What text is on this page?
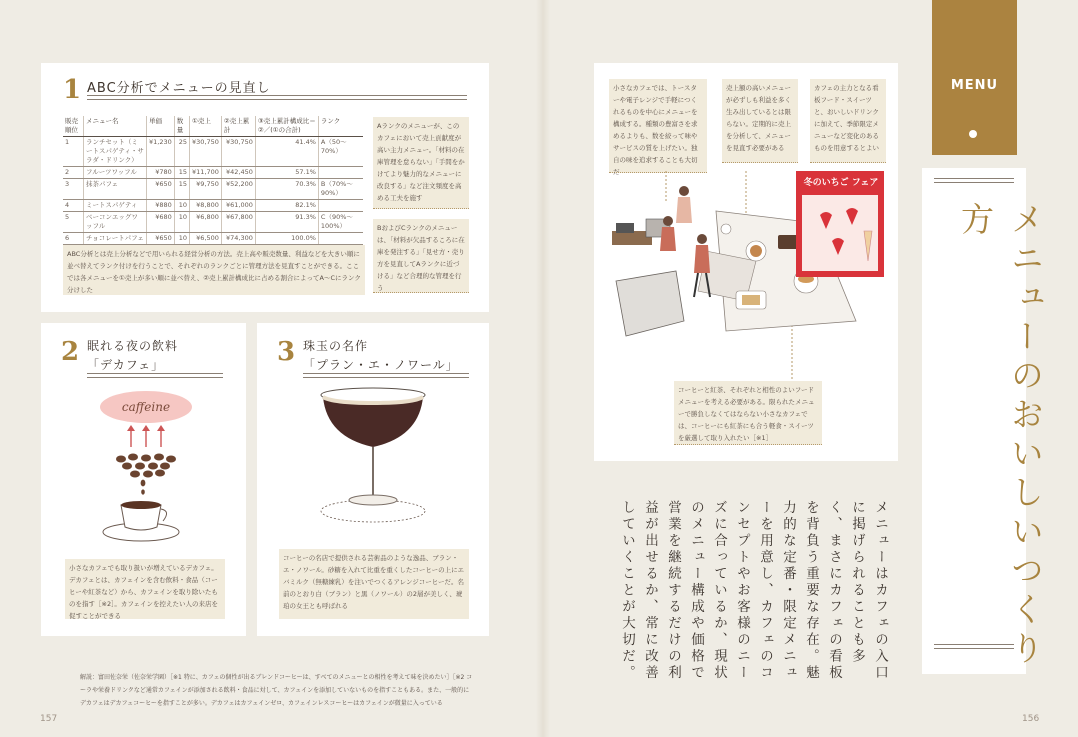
1 ABC分析でメニューの見直し
販売順位	メニュー名	単価	数量	①売上	②売上累計	③売上累計構成比＝②／(①の合計)	ランク
1	ランチセット（ミートスパゲティ・サラダ・ドリンク）	¥1,230	25	¥30,750	¥30,750	41.4%	A（50〜70%）
2	フルーツワッフル	¥780	15	¥11,700	¥42,450	57.1%	
3	抹茶パフェ	¥650	15	¥9,750	¥52,200	70.3%	B（70%〜90%）
4	ミートスパゲティ	¥880	10	¥8,800	¥61,000	82.1%	
5	ベーコンエッグワッフル	¥680	10	¥6,800	¥67,800	91.3%	C（90%〜100%）
6	チョコレートパフェ	¥650	10	¥6,500	¥74,300	100.0%	
Aランクのメニューが、このカフェにおいて売上貢献度が高い主力メニュー。「材料の在庫管理を怠らない」「手間をかけてより魅力的なメニューに改良する」など注文頻度を高める工夫を施す
BおよびCランクのメニューは、「材料が欠品するころに在庫を発注する」「見せ方・売り方を見直してAランクに近づける」など合理的な管理を行う
ABC分析とは売上分析などで用いられる経営分析の方法。売上高や販売数量、利益などを大きい順に並べ替えてランク付けを行うことで、それぞれのランクごとに管理方法を見直すことができる。ここでは各メニューを①売上が多い順に並べ替え、②売上累計構成比に占める割合によってA〜Cにランク分けした
2 眠れる夜の飲料
「デカフェ」
caffeine
小さなカフェでも取り扱いが増えているデカフェ。デカフェとは、カフェインを含む飲料・食品（コーヒーや紅茶など）から、カフェインを取り除いたものを指す［※2］。カフェインを控えたい人の来店を促すことができる
3 珠玉の名作
「プラン・エ・ノワール」
コーヒーの名店で提供される芸術品のような逸品、ブラン・エ・ノワール。砂糖を入れて比重を重くしたコーヒーの上にエバミルク（無糖練乳）を注いでつくるアレンジコーヒーだ。名前のとおり白（ブラン）と黒（ノワール）の2層が美しく、琥珀の女王とも呼ばれる
解説：富田佐奈栄（佐奈栄学園）［※1 特に、カフェの個性が出るブレンドコーヒーは、すべてのメニューとの相性を考えて味を決めたい］［※2 コーラや栄養ドリンクなど通常カフェインが添加される飲料・食品に対して、カフェインを添加していないものを指すこともある。また、一般的にデカフェはデカフェコーヒーを指すことが多い。デカフェはカフェインゼロ、カフェインレスコーヒーはカフェインが微量に入っている
157
小さなカフェでは、トースターや電子レンジで手軽につくれるものを中心にメニューを構成する。種類の豊富さを求めるよりも、数を絞って味やサービスの質を上げたい。独自の味を追求することも大切だ
売上額の高いメニューが必ずしも利益を多く生み出しているとは限らない。定期的に売上を分析して、メニューを見直す必要がある
カフェの主力となる看板フード・スイーツと、おいしいドリンクに加えて、季節限定メニューなど変化のあるものを用意するとよい
冬のいちご フェア
コーヒーと紅茶、それぞれと相性のよいフードメニューを考える必要がある。限られたメニューで勝負しなくてはならない小さなカフェでは、コーヒーにも紅茶にも合う軽食・スイーツを厳選して取り入れたい［※1］
メニューはカフェの入口に掲げられることも多く、まさにカフェの看板を背負う重要な存在。魅力的な定番・限定メニューを用意し、カフェのコンセプトやお客様のニーズに合っているか、現状のメニュー構成や価格で営業を継続するだけの利益が出せるか、常に改善していくことが大切だ。
MENU
メニューのおいしいつくり方
156
